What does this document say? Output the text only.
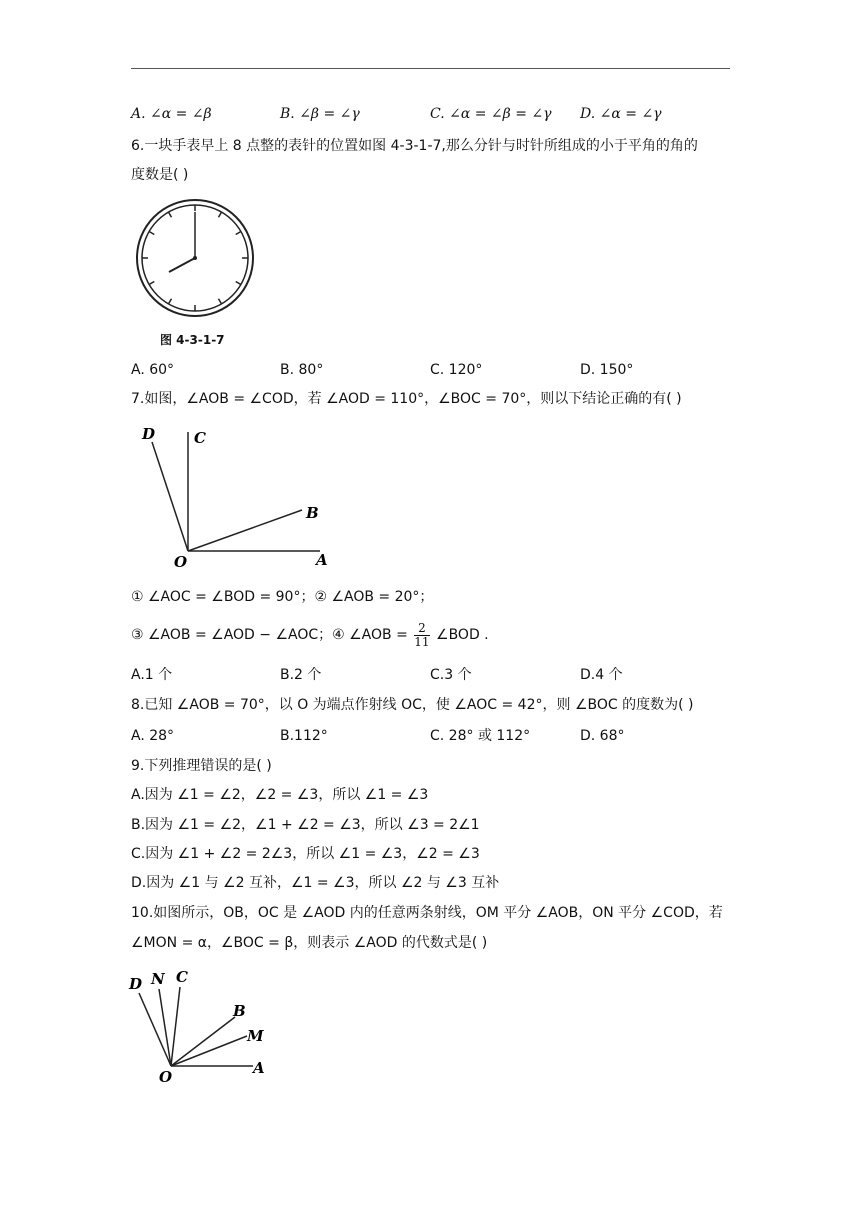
A. ∠α = ∠β	B. ∠β = ∠γ	C. ∠α = ∠β = ∠γ D. ∠α = ∠γ
6.一块手表早上 8 点整的表针的位置如图 4-3-1-7,那么分针与时针所组成的小于平角的角的
度数是( )
图 4-3-1-7
A. 60°	B. 80°	C. 120°	D. 150°
7.如图，∠AOB = ∠COD，若 ∠AOD = 110°，∠BOC = 70°，则以下结论正确的有( )
D	C
B
O	A
① ∠AOC = ∠BOD = 90°；② ∠AOB = 20°；
③ ∠AOB = ∠AOD − ∠AOC；④ ∠AOB = $\frac{2}{11}$ ∠BOD .
A.1 个	B.2 个	C.3 个	D.4 个
8.已知 ∠AOB = 70°，以 O 为端点作射线 OC，使 ∠AOC = 42°，则 ∠BOC 的度数为( )
A. 28°	B.112°	C. 28° 或 112°	D. 68°
9.下列推理错误的是( )
A.因为 ∠1 = ∠2，∠2 = ∠3，所以 ∠1 = ∠3
B.因为 ∠1 = ∠2，∠1 + ∠2 = ∠3，所以 ∠3 = 2∠1
C.因为 ∠1 + ∠2 = 2∠3，所以 ∠1 = ∠3，∠2 = ∠3
D.因为 ∠1 与 ∠2 互补，∠1 = ∠3，所以 ∠2 与 ∠3 互补
10.如图所示，OB，OC 是 ∠AOD 内的任意两条射线，OM 平分 ∠AOB，ON 平分 ∠COD，若
∠MON = α，∠BOC = β，则表示 ∠AOD 的代数式是( )
D N C
B
M
O	A
